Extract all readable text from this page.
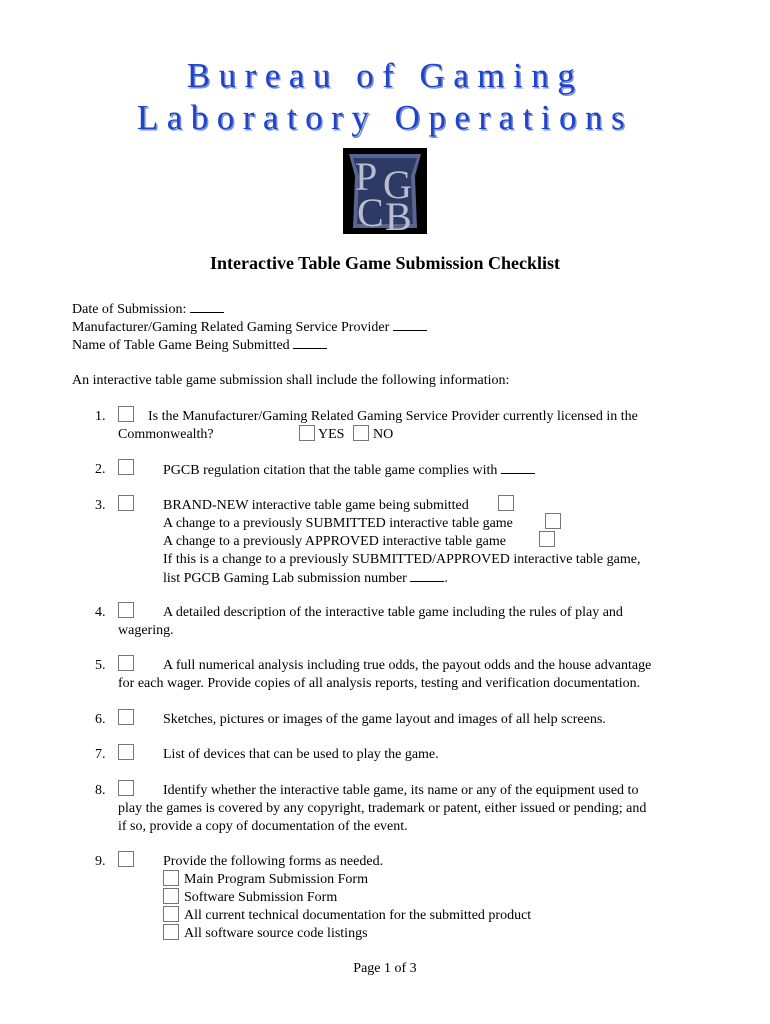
Bureau of Gaming
Laboratory Operations
P G
C B
Interactive Table Game Submission Checklist
Date of Submission:
Manufacturer/Gaming Related Gaming Service Provider
Name of Table Game Being Submitted
An interactive table game submission shall include the following information:
1.	Is the Manufacturer/Gaming Related Gaming Service Provider currently licensed in the
Commonwealth?	YES NO
2.	PGCB regulation citation that the table game complies with
3.	BRAND-NEW interactive table game being submitted
A change to a previously SUBMITTED interactive table game
A change to a previously APPROVED interactive table game
If this is a change to a previously SUBMITTED/APPROVED interactive table game,
list PGCB Gaming Lab submission number	.
4.	A detailed description of the interactive table game including the rules of play and
wagering.
5.	A full numerical analysis including true odds, the payout odds and the house advantage
for each wager. Provide copies of all analysis reports, testing and verification documentation.
6.	Sketches, pictures or images of the game layout and images of all help screens.
7.	List of devices that can be used to play the game.
8.	Identify whether the interactive table game, its name or any of the equipment used to
play the games is covered by any copyright, trademark or patent, either issued or pending; and
if so, provide a copy of documentation of the event.
9.	Provide the following forms as needed.
Main Program Submission Form
Software Submission Form
All current technical documentation for the submitted product
All software source code listings
Page 1 of 3
